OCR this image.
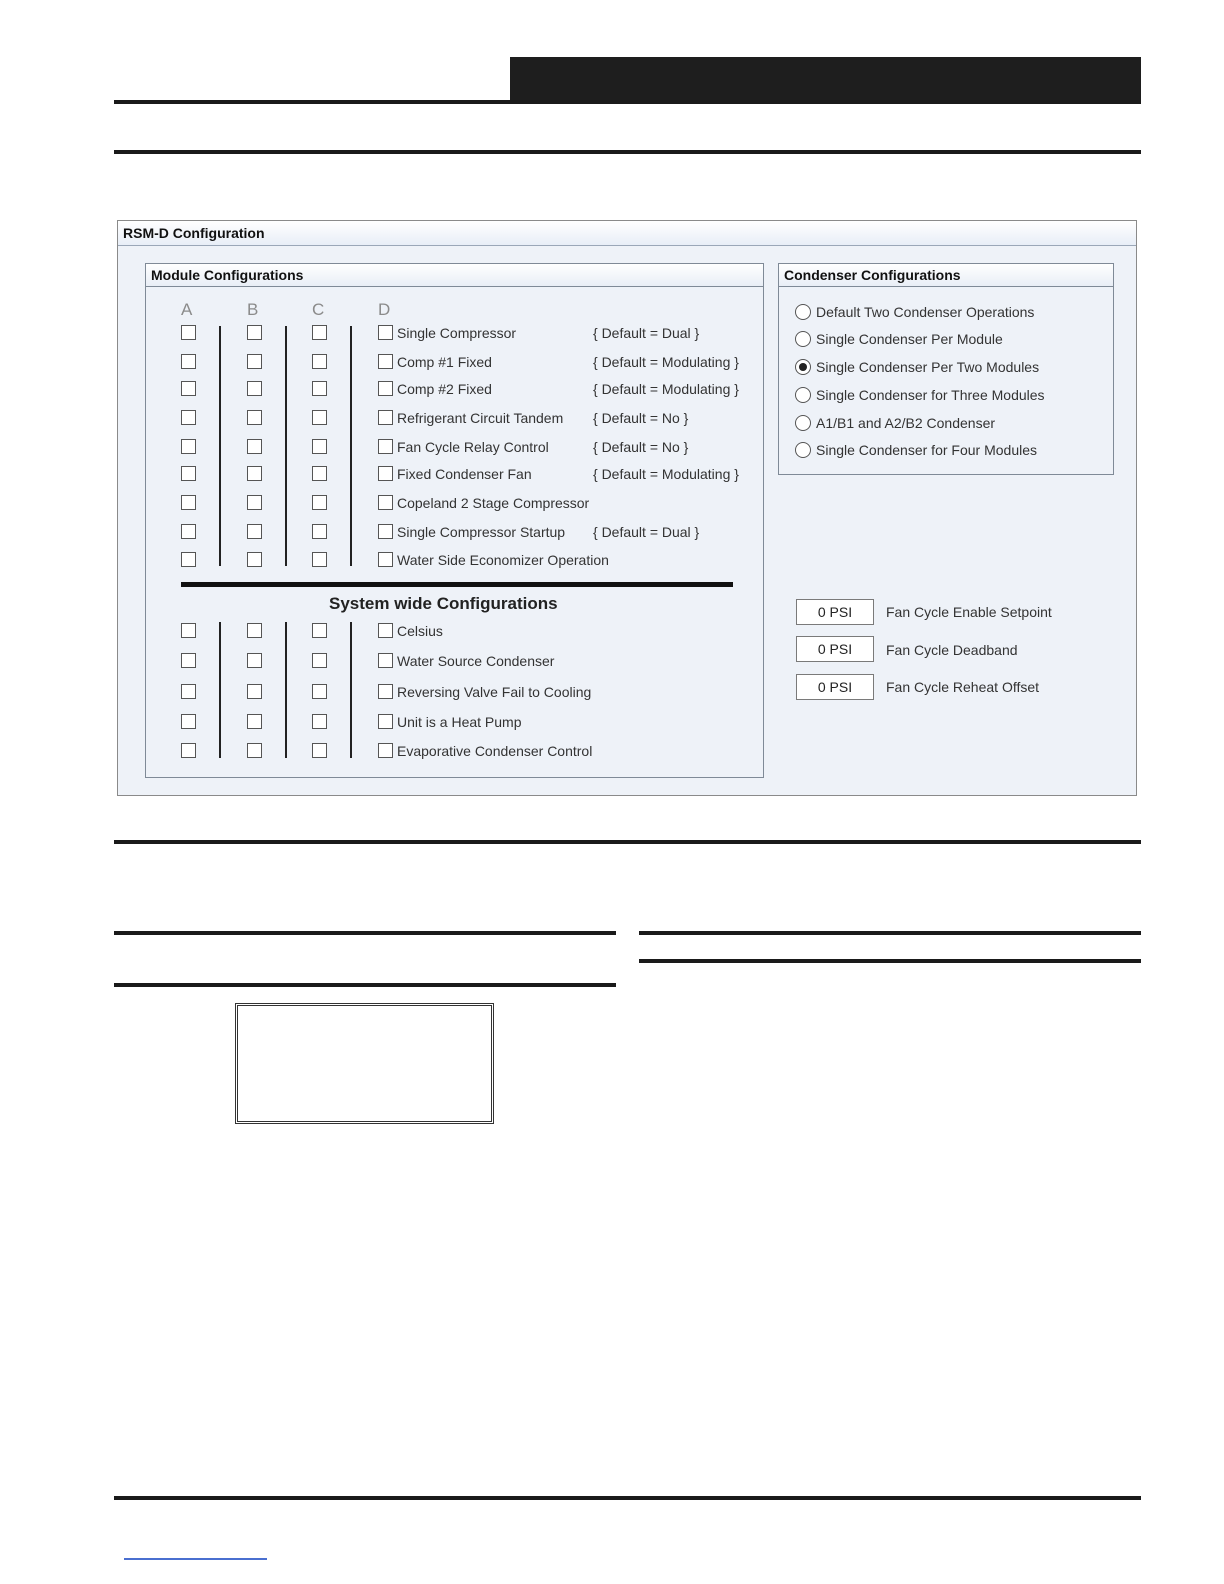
RSM-D Configuration
Module Configurations
A	B	C	D
Single Compressor	{ Default = Dual }
Comp #1 Fixed	{ Default = Modulating }
Comp #2 Fixed	{ Default = Modulating }
Refrigerant Circuit Tandem { Default = No }
Fan Cycle Relay Control	{ Default = No }
Fixed Condenser Fan	{ Default = Modulating }
Copeland 2 Stage Compressor
Single Compressor Startup { Default = Dual }
Water Side Economizer Operation
System wide Configurations
Celsius
Water Source Condenser
Reversing Valve Fail to Cooling
Unit is a Heat Pump
Evaporative Condenser Control
Condenser Configurations
Default Two Condenser Operations
Single Condenser Per Module
Single Condenser Per Two Modules
Single Condenser for Three Modules
A1/B1 and A2/B2 Condenser
Single Condenser for Four Modules
0 PSI	Fan Cycle Enable Setpoint
0 PSI	Fan Cycle Deadband
0 PSI	Fan Cycle Reheat Offset
